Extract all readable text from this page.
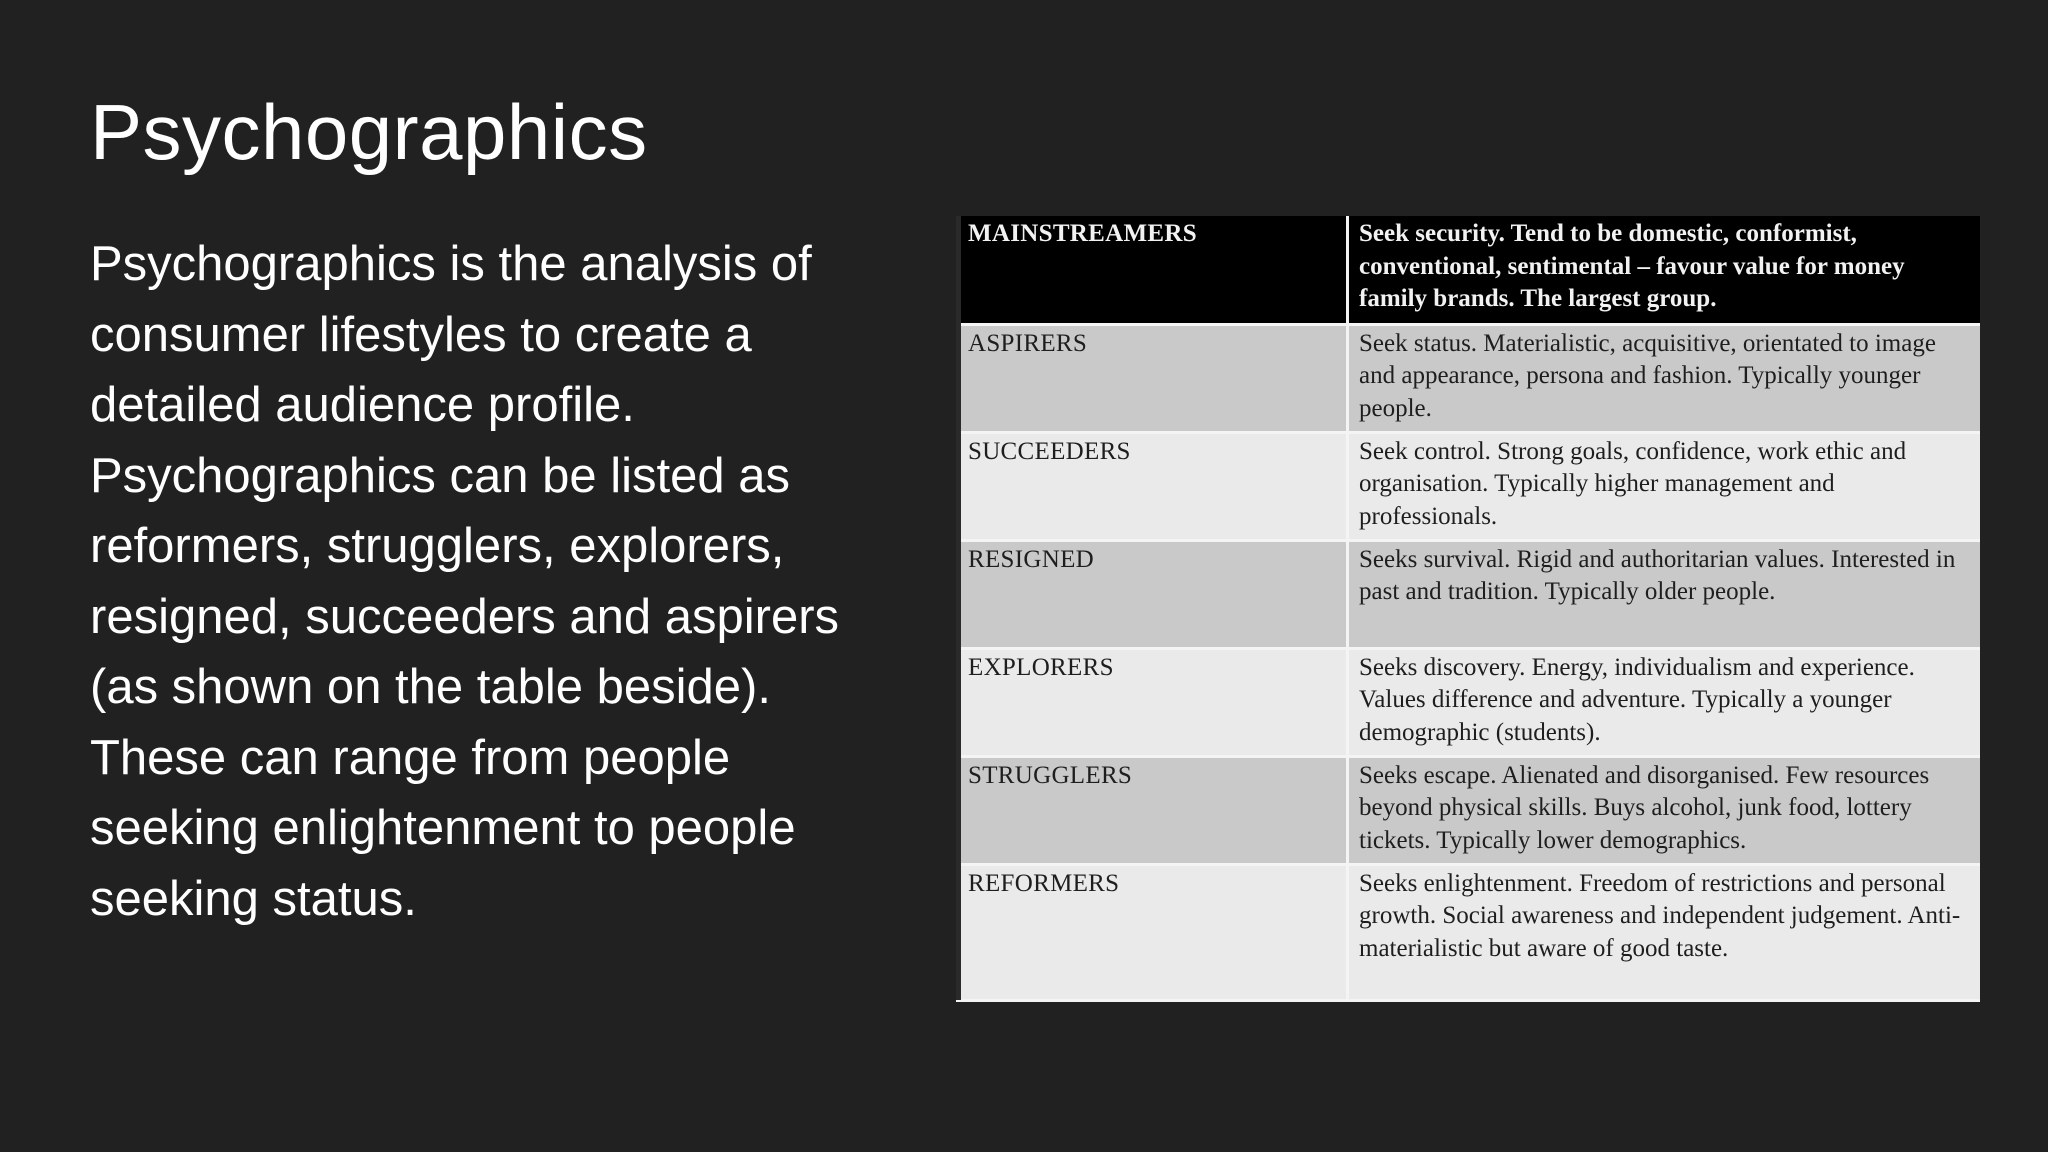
Psychographics

Psychographics is the analysis of consumer lifestyles to create a detailed audience profile. Psychographics can be listed as reformers, strugglers, explorers, resigned, succeeders and aspirers (as shown on the table beside). These can range from people seeking enlightenment to people seeking status.

MAINSTREAMERS	Seek security. Tend to be domestic, conformist, conventional, sentimental – favour value for money family brands. The largest group.
ASPIRERS	Seek status. Materialistic, acquisitive, orientated to image and appearance, persona and fashion. Typically younger people.
SUCCEEDERS	Seek control. Strong goals, confidence, work ethic and organisation. Typically higher management and professionals.
RESIGNED	Seeks survival. Rigid and authoritarian values. Interested in past and tradition. Typically older people.
EXPLORERS	Seeks discovery. Energy, individualism and experience. Values difference and adventure. Typically a younger demographic (students).
STRUGGLERS	Seeks escape. Alienated and disorganised. Few resources beyond physical skills. Buys alcohol, junk food, lottery tickets. Typically lower demographics.
REFORMERS	Seeks enlightenment. Freedom of restrictions and personal growth. Social awareness and independent judgement. Anti-materialistic but aware of good taste.
